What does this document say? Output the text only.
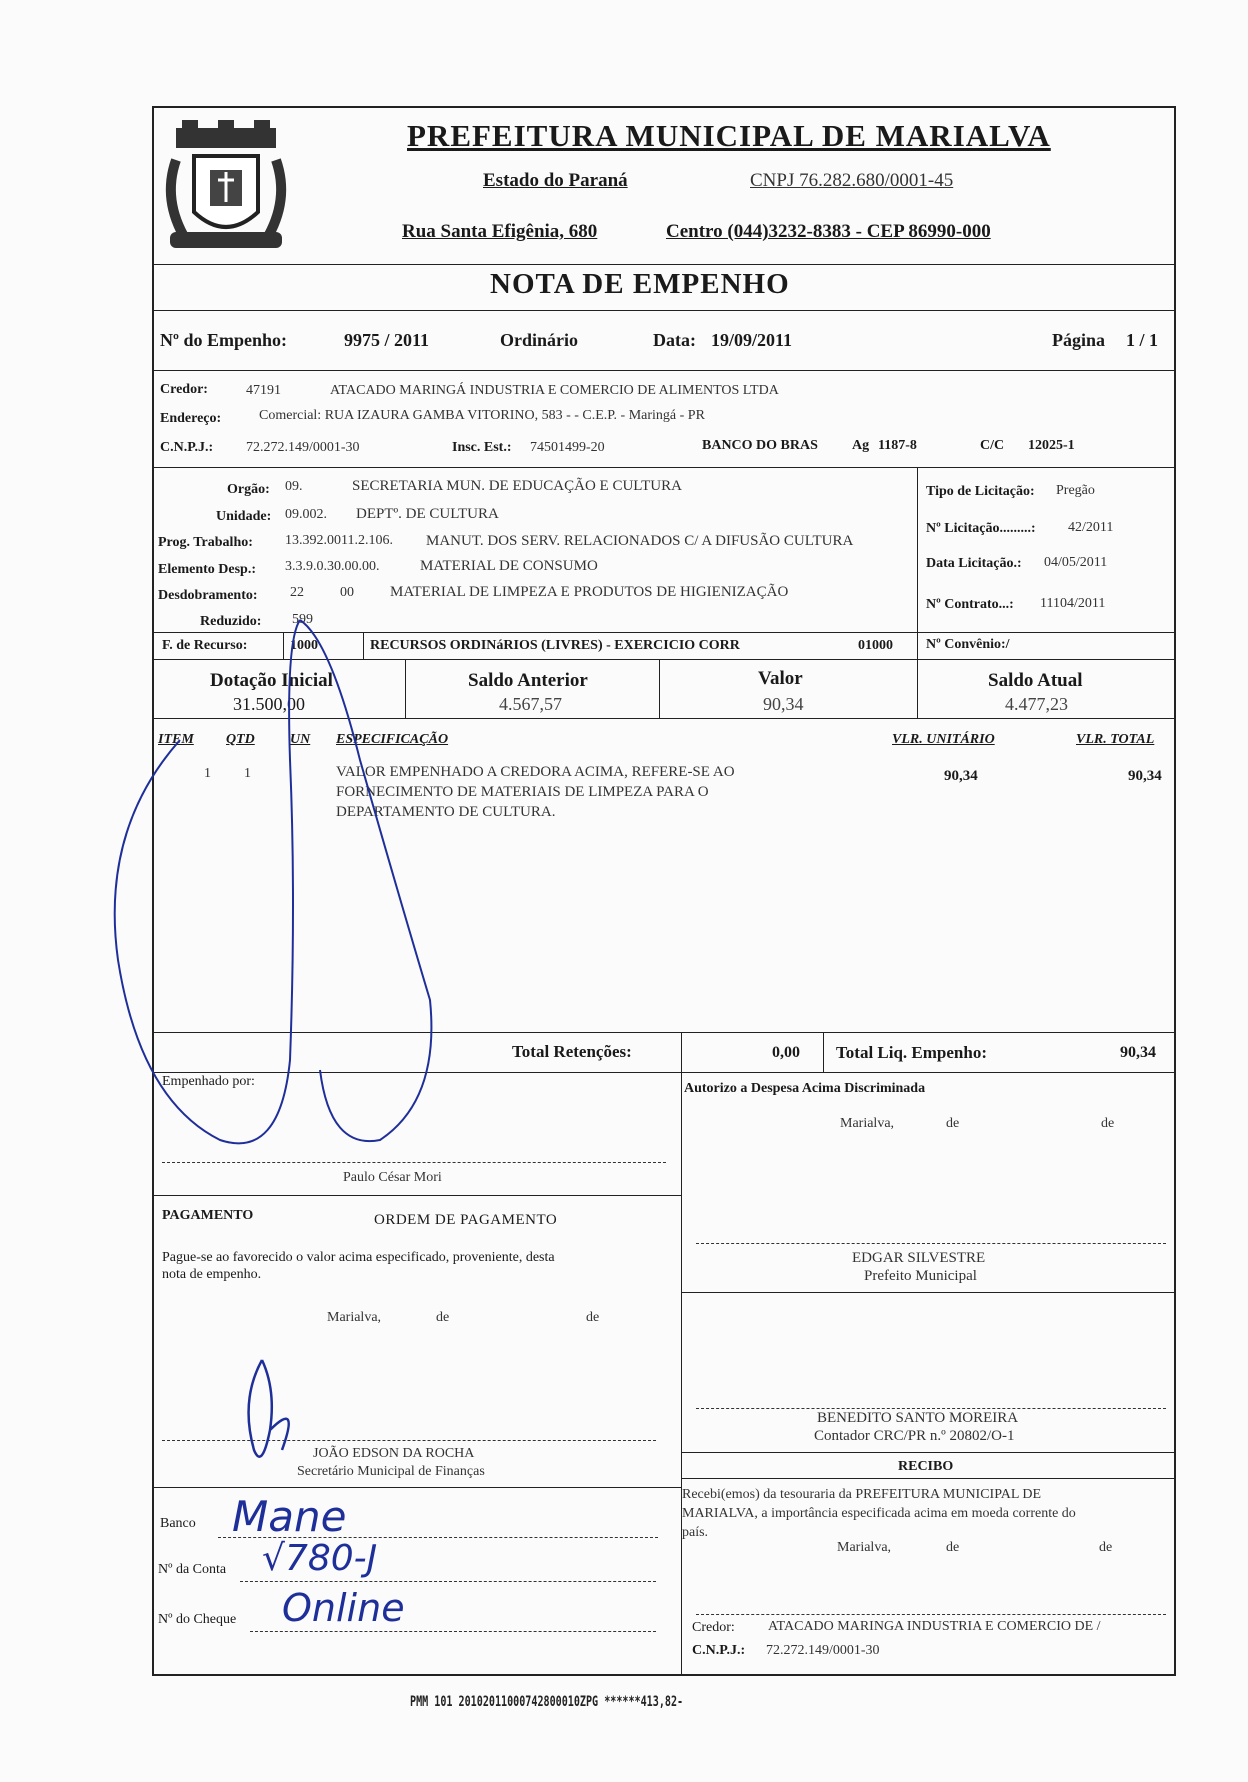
PREFEITURA MUNICIPAL DE MARIALVA
Estado do Paraná	CNPJ 76.282.680/0001-45
Rua Santa Efigênia, 680	Centro (044)3232-8383 - CEP 86990-000
NOTA DE EMPENHO
Nº do Empenho:	9975 / 2011	Ordinário	Data: 19/09/2011	Página 1 / 1
Credor:	47191	ATACADO MARINGÁ INDUSTRIA E COMERCIO DE ALIMENTOS LTDA
Endereço:	Comercial: RUA IZAURA GAMBA VITORINO, 583 - - C.E.P. - Maringá - PR
C.N.P.J.: 72.272.149/0001-30	Insc. Est.: 74501499-20	BANCO DO BRAS Ag 1187-8	C/C 12025-1
Orgão: 09.	SECRETARIA MUN. DE EDUCAÇÃO E CULTURA
Unidade: 09.002. DEPTº. DE CULTURA
Prog. Trabalho: 13.392.0011.2.106. MANUT. DOS SERV. RELACIONADOS C/ A DIFUSÃO CULTURA
Elemento Desp.: 3.3.9.0.30.00.00.	MATERIAL DE CONSUMO
Desdobramento: 22	00 MATERIAL DE LIMPEZA E PRODUTOS DE HIGIENIZAÇÃO
Reduzido: 599
F. de Recurso:	1000	RECURSOS ORDINáRIOS (LIVRES) - EXERCICIO CORR	01000
Tipo de Licitação: Pregão
Nº Licitação.........: 42/2011
Data Licitação.: 04/05/2011
Nº Contrato...: 11104/2011
Nº Convênio:/
Dotação Inicial
31.500,00
Saldo Anterior
4.567,57
Valor
90,34
Saldo Atual
4.477,23
ITEM QTD	UN ESPECIFICAÇÃO	VLR. UNITÁRIO	VLR. TOTAL
1 1	VALOR EMPENHADO A CREDORA ACIMA, REFERE-SE AO
FORNECIMENTO DE MATERIAIS DE LIMPEZA PARA O
DEPARTAMENTO DE CULTURA.
90,34	90,34
Total Retenções:	0,00 Total Liq. Empenho:	90,34
Empenhado por:
Paulo César Mori
PAGAMENTO	ORDEM DE PAGAMENTO
Pague-se ao favorecido o valor acima especificado, proveniente, desta
nota de empenho.
Marialva,	de	de
JOÃO EDSON DA ROCHA
Secretário Municipal de Finanças
Banco Mane
Nº da Conta √780-J
Nº do Cheque Online
Autorizo a Despesa Acima Discriminada
Marialva,	de	de
EDGAR SILVESTRE
Prefeito Municipal
BENEDITO SANTO MOREIRA
Contador CRC/PR n.º 20802/O-1
RECIBO
Recebi(emos) da tesouraria da PREFEITURA MUNICIPAL DE
MARIALVA, a importância especificada acima em moeda corrente do
país.
Marialva,	de	de
Credor: ATACADO MARINGA INDUSTRIA E COMERCIO DE /
C.N.P.J.: 72.272.149/0001-30
PMM 101 20102011000742800010ZPG ******413,82-
